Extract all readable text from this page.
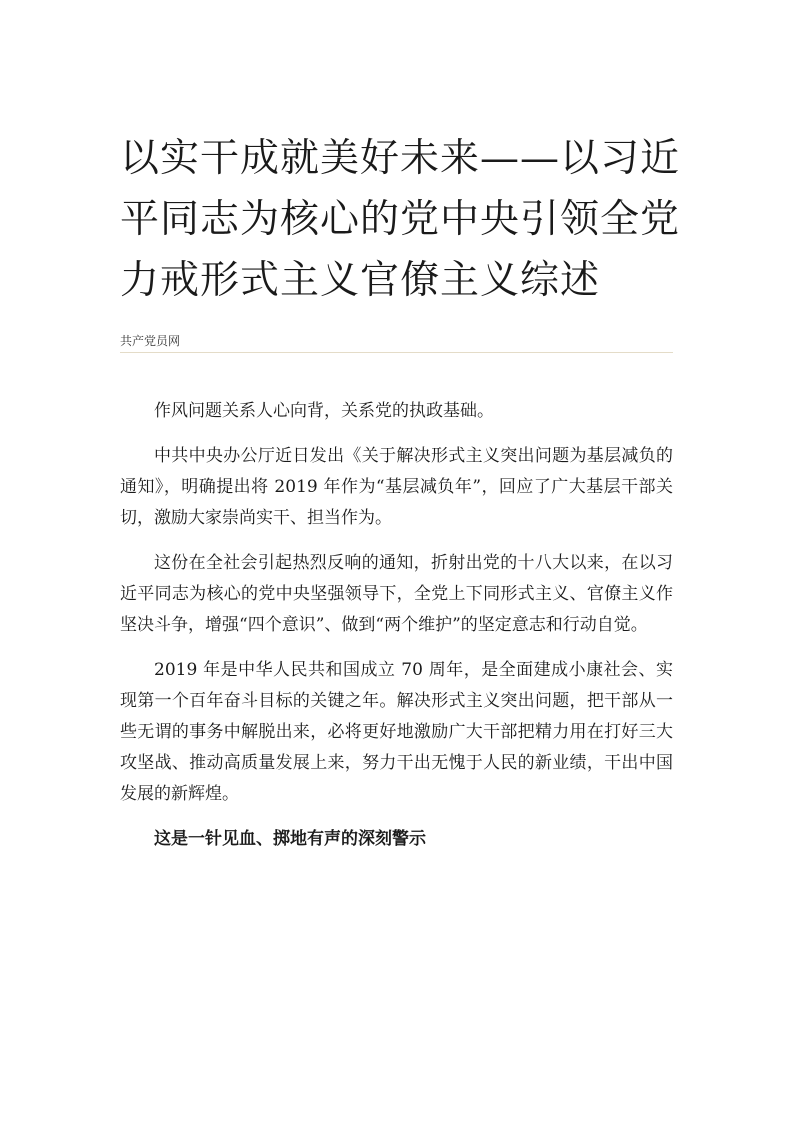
以实干成就美好未来——以习近平同志为核心的党中央引领全党力戒形式主义官僚主义综述
共产党员网

作风问题关系人心向背，关系党的执政基础。

中共中央办公厅近日发出《关于解决形式主义突出问题为基层减负的通知》，明确提出将 2019 年作为“基层减负年”，回应了广大基层干部关切，激励大家崇尚实干、担当作为。

这份在全社会引起热烈反响的通知，折射出党的十八大以来，在以习近平同志为核心的党中央坚强领导下，全党上下同形式主义、官僚主义作坚决斗争，增强“四个意识”、做到“两个维护”的坚定意志和行动自觉。

2019 年是中华人民共和国成立 70 周年，是全面建成小康社会、实现第一个百年奋斗目标的关键之年。解决形式主义突出问题，把干部从一些无谓的事务中解脱出来，必将更好地激励广大干部把精力用在打好三大攻坚战、推动高质量发展上来，努力干出无愧于人民的新业绩，干出中国发展的新辉煌。

这是一针见血、掷地有声的深刻警示
